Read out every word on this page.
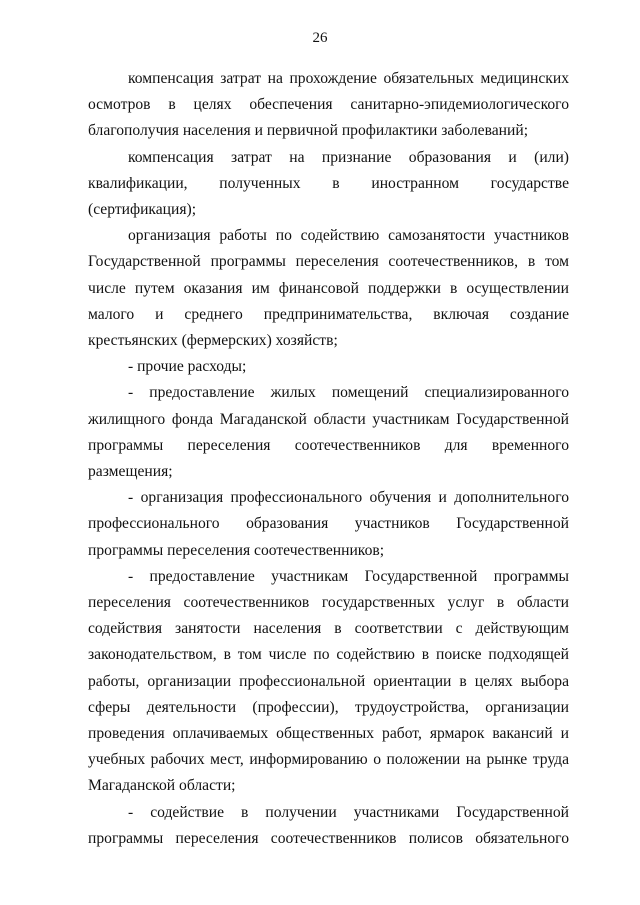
26

компенсация затрат на прохождение обязательных медицинских осмотров в целях обеспечения санитарно-эпидемиологического благополучия населения и первичной профилактики заболеваний;

компенсация затрат на признание образования и (или) квалификации, полученных в иностранном государстве (сертификация);

организация работы по содействию самозанятости участников Государственной программы переселения соотечественников, в том числе путем оказания им финансовой поддержки в осуществлении малого и среднего предпринимательства, включая создание крестьянских (фермерских) хозяйств;

- прочие расходы;

- предоставление жилых помещений специализированного жилищного фонда Магаданской области участникам Государственной программы переселения соотечественников для временного размещения;

- организация профессионального обучения и дополнительного профессионального образования участников Государственной программы переселения соотечественников;

- предоставление участникам Государственной программы переселения соотечественников государственных услуг в области содействия занятости населения в соответствии с действующим законодательством, в том числе по содействию в поиске подходящей работы, организации профессиональной ориентации в целях выбора сферы деятельности (профессии), трудоустройства, организации проведения оплачиваемых общественных работ, ярмарок вакансий и учебных рабочих мест, информированию о положении на рынке труда Магаданской области;

- содействие в получении участниками Государственной программы переселения соотечественников полисов обязательного
